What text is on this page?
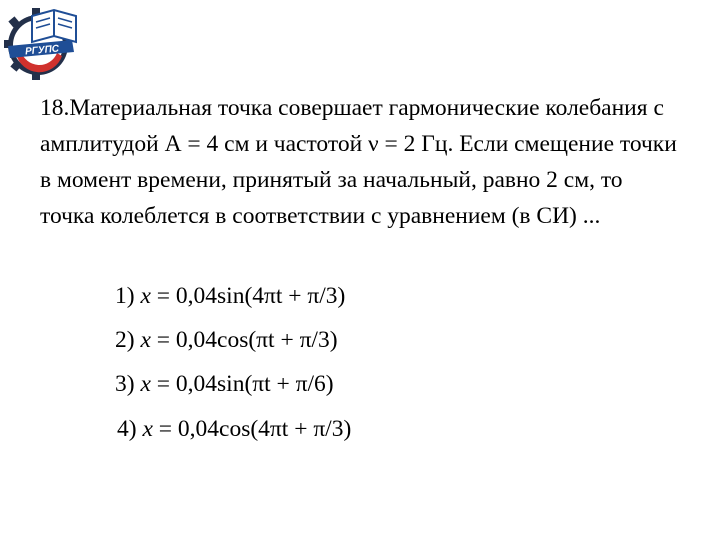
РГУПС

18.Материальная точка совершает гармонические колебания с амплитудой А = 4 см и частотой ν = 2 Гц. Если смещение точки в момент времени, принятый за начальный, равно 2 см, то точка колеблется в соответствии с уравнением (в СИ) ...

1) x = 0,04sin(4πt + π/3)
2) x = 0,04cos(πt + π/3)
3) x = 0,04sin(πt + π/6)
4) x = 0,04cos(4πt + π/3)
